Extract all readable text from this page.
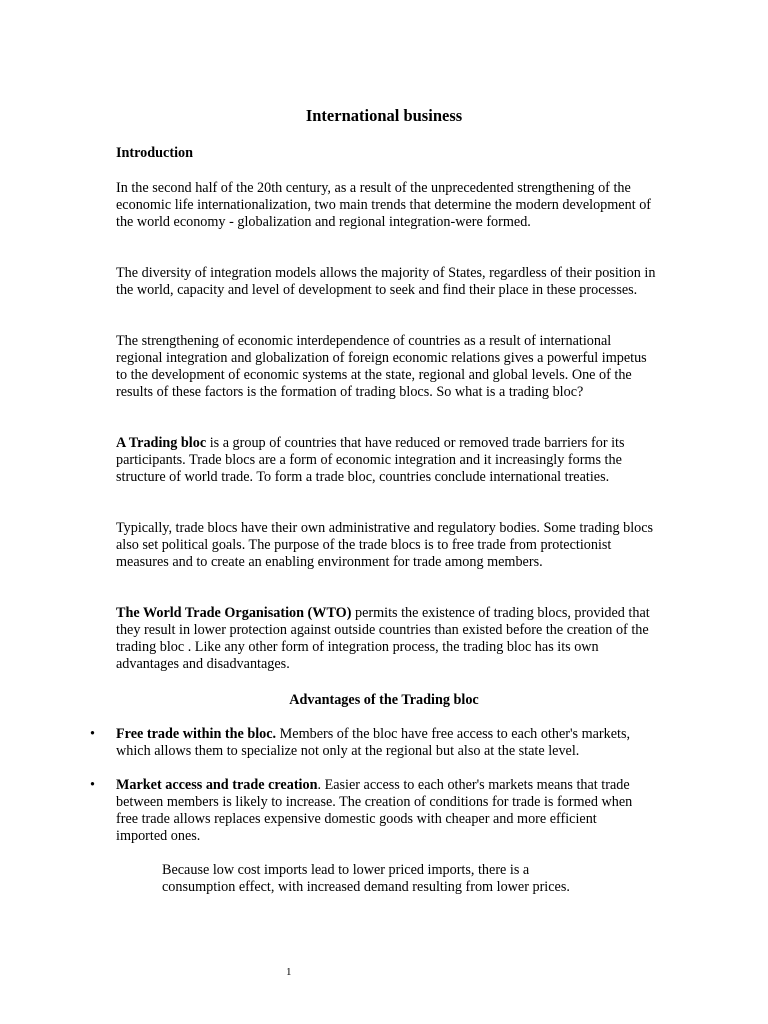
International business
Introduction
In the second half of the 20th century, as a result of the unprecedented strengthening of the economic life internationalization, two main trends that determine the modern development of the world economy - globalization and regional integration-were formed.
The diversity of integration models allows the majority of States, regardless of their position in the world, capacity and level of development to seek and find their place in these processes.
The strengthening of economic interdependence of countries as a result of international regional integration and globalization of foreign economic relations gives a powerful impetus to the development of economic systems at the state, regional and global levels. One of the results of these factors is the formation of trading blocs. So what is a trading bloc?
A Trading bloc is a group of countries that have reduced or removed trade barriers for its participants. Trade blocs are a form of economic integration and it increasingly forms the structure of world trade. To form a trade bloc, countries conclude international treaties.
Typically, trade blocs have their own administrative and regulatory bodies. Some trading blocs also set political goals. The purpose of the trade blocs is to free trade from protectionist measures and to create an enabling environment for trade among members.
The World Trade Organisation (WTO) permits the existence of trading blocs, provided that they result in lower protection against outside countries than existed before the creation of the trading bloc . Like any other form of integration process, the trading bloc has its own advantages and disadvantages.
Advantages of the Trading bloc
• Free trade within the bloc. Members of the bloc have free access to each other's markets, which allows them to specialize not only at the regional but also at the state level.
• Market access and trade creation. Easier access to each other's markets means that trade between members is likely to increase. The creation of conditions for trade is formed when free trade allows replaces expensive domestic goods with cheaper and more efficient imported ones.
Because low cost imports lead to lower priced imports, there is a consumption effect, with increased demand resulting from lower prices.
1
